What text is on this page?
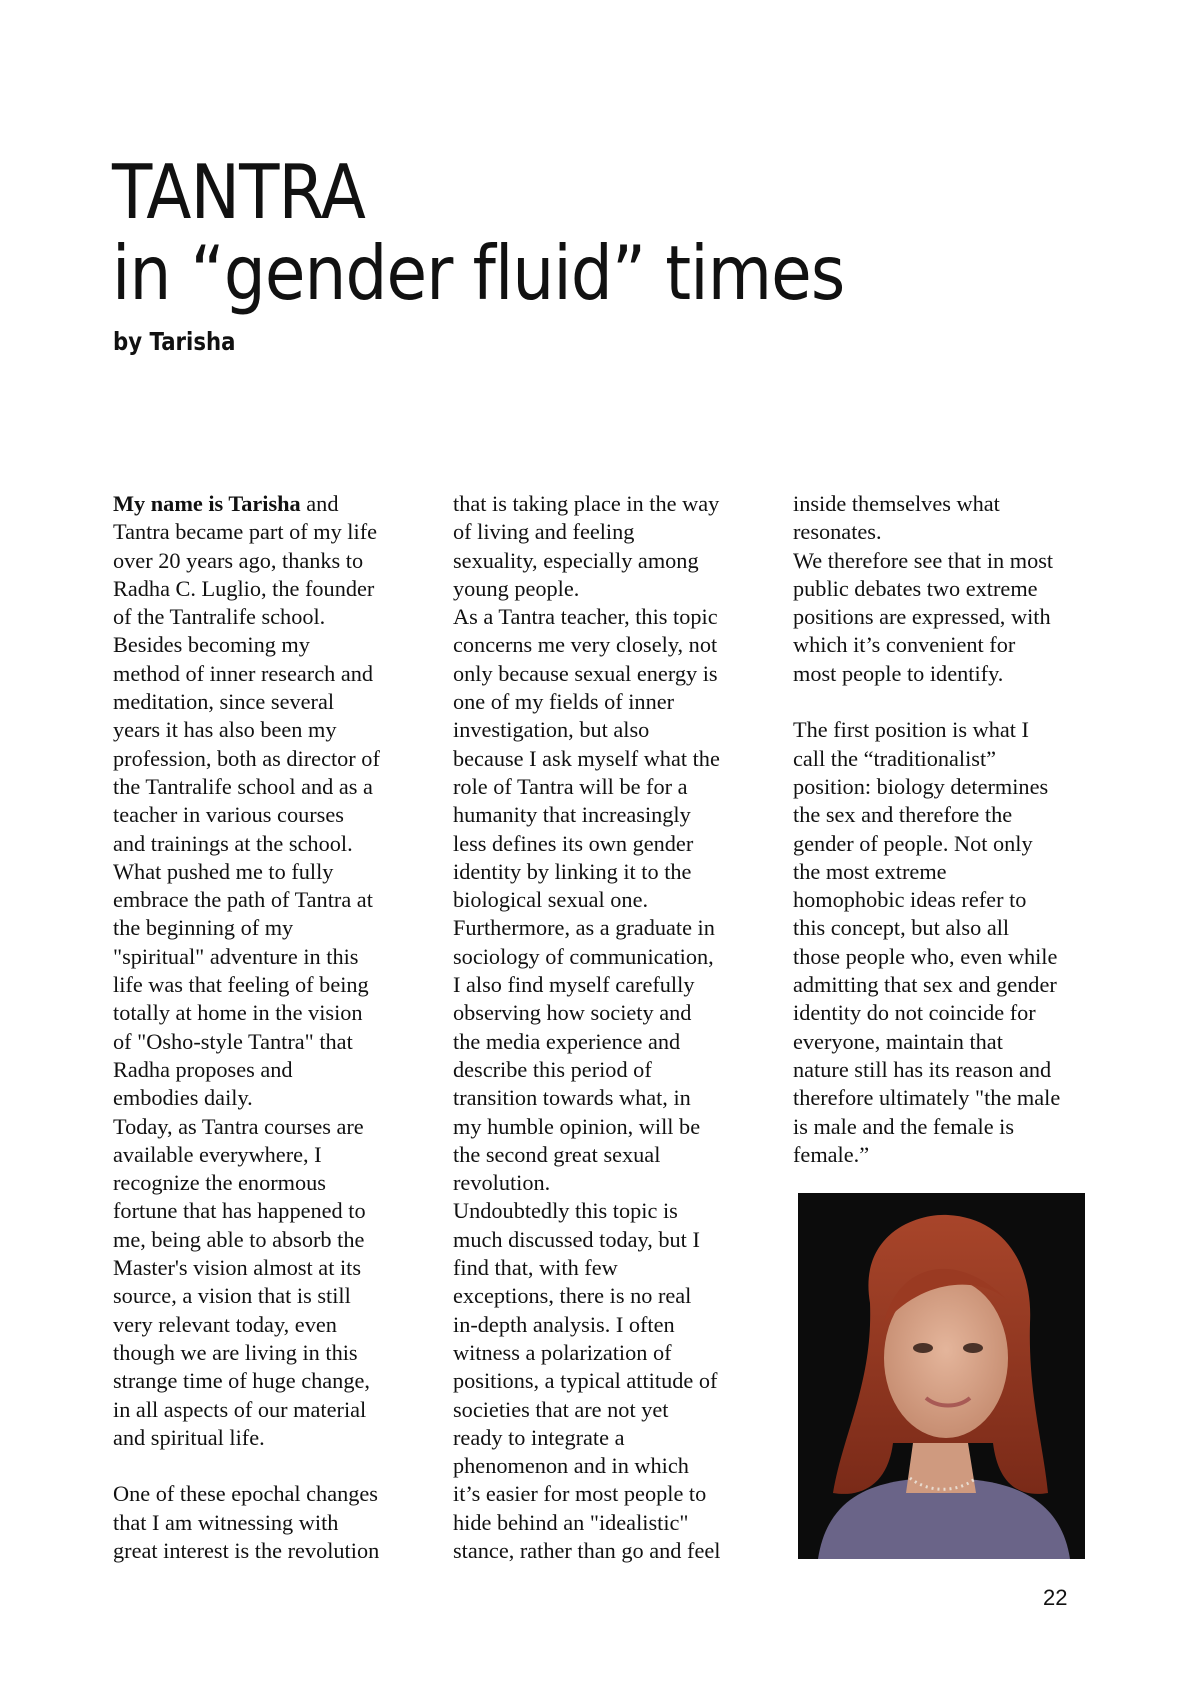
TANTRA
in “gender fluid” times
by Tarisha

My name is Tarisha and
Tantra became part of my life
over 20 years ago, thanks to
Radha C. Luglio, the founder
of the Tantralife school.
Besides becoming my
method of inner research and
meditation, since several
years it has also been my
profession, both as director of
the Tantralife school and as a
teacher in various courses
and trainings at the school.
What pushed me to fully
embrace the path of Tantra at
the beginning of my
"spiritual" adventure in this
life was that feeling of being
totally at home in the vision
of "Osho-style Tantra" that
Radha proposes and
embodies daily.
Today, as Tantra courses are
available everywhere, I
recognize the enormous
fortune that has happened to
me, being able to absorb the
Master's vision almost at its
source, a vision that is still
very relevant today, even
though we are living in this
strange time of huge change,
in all aspects of our material
and spiritual life.

One of these epochal changes
that I am witnessing with
great interest is the revolution

that is taking place in the way
of living and feeling
sexuality, especially among
young people.
As a Tantra teacher, this topic
concerns me very closely, not
only because sexual energy is
one of my fields of inner
investigation, but also
because I ask myself what the
role of Tantra will be for a
humanity that increasingly
less defines its own gender
identity by linking it to the
biological sexual one.
Furthermore, as a graduate in
sociology of communication,
I also find myself carefully
observing how society and
the media experience and
describe this period of
transition towards what, in
my humble opinion, will be
the second great sexual
revolution.
Undoubtedly this topic is
much discussed today, but I
find that, with few
exceptions, there is no real
in-depth analysis. I often
witness a polarization of
positions, a typical attitude of
societies that are not yet
ready to integrate a
phenomenon and in which
it’s easier for most people to
hide behind an "idealistic"
stance, rather than go and feel

inside themselves what
resonates.
We therefore see that in most
public debates two extreme
positions are expressed, with
which it’s convenient for
most people to identify.

The first position is what I
call the “traditionalist”
position: biology determines
the sex and therefore the
gender of people. Not only
the most extreme
homophobic ideas refer to
this concept, but also all
those people who, even while
admitting that sex and gender
identity do not coincide for
everyone, maintain that
nature still has its reason and
therefore ultimately "the male
is male and the female is
female.”

22
